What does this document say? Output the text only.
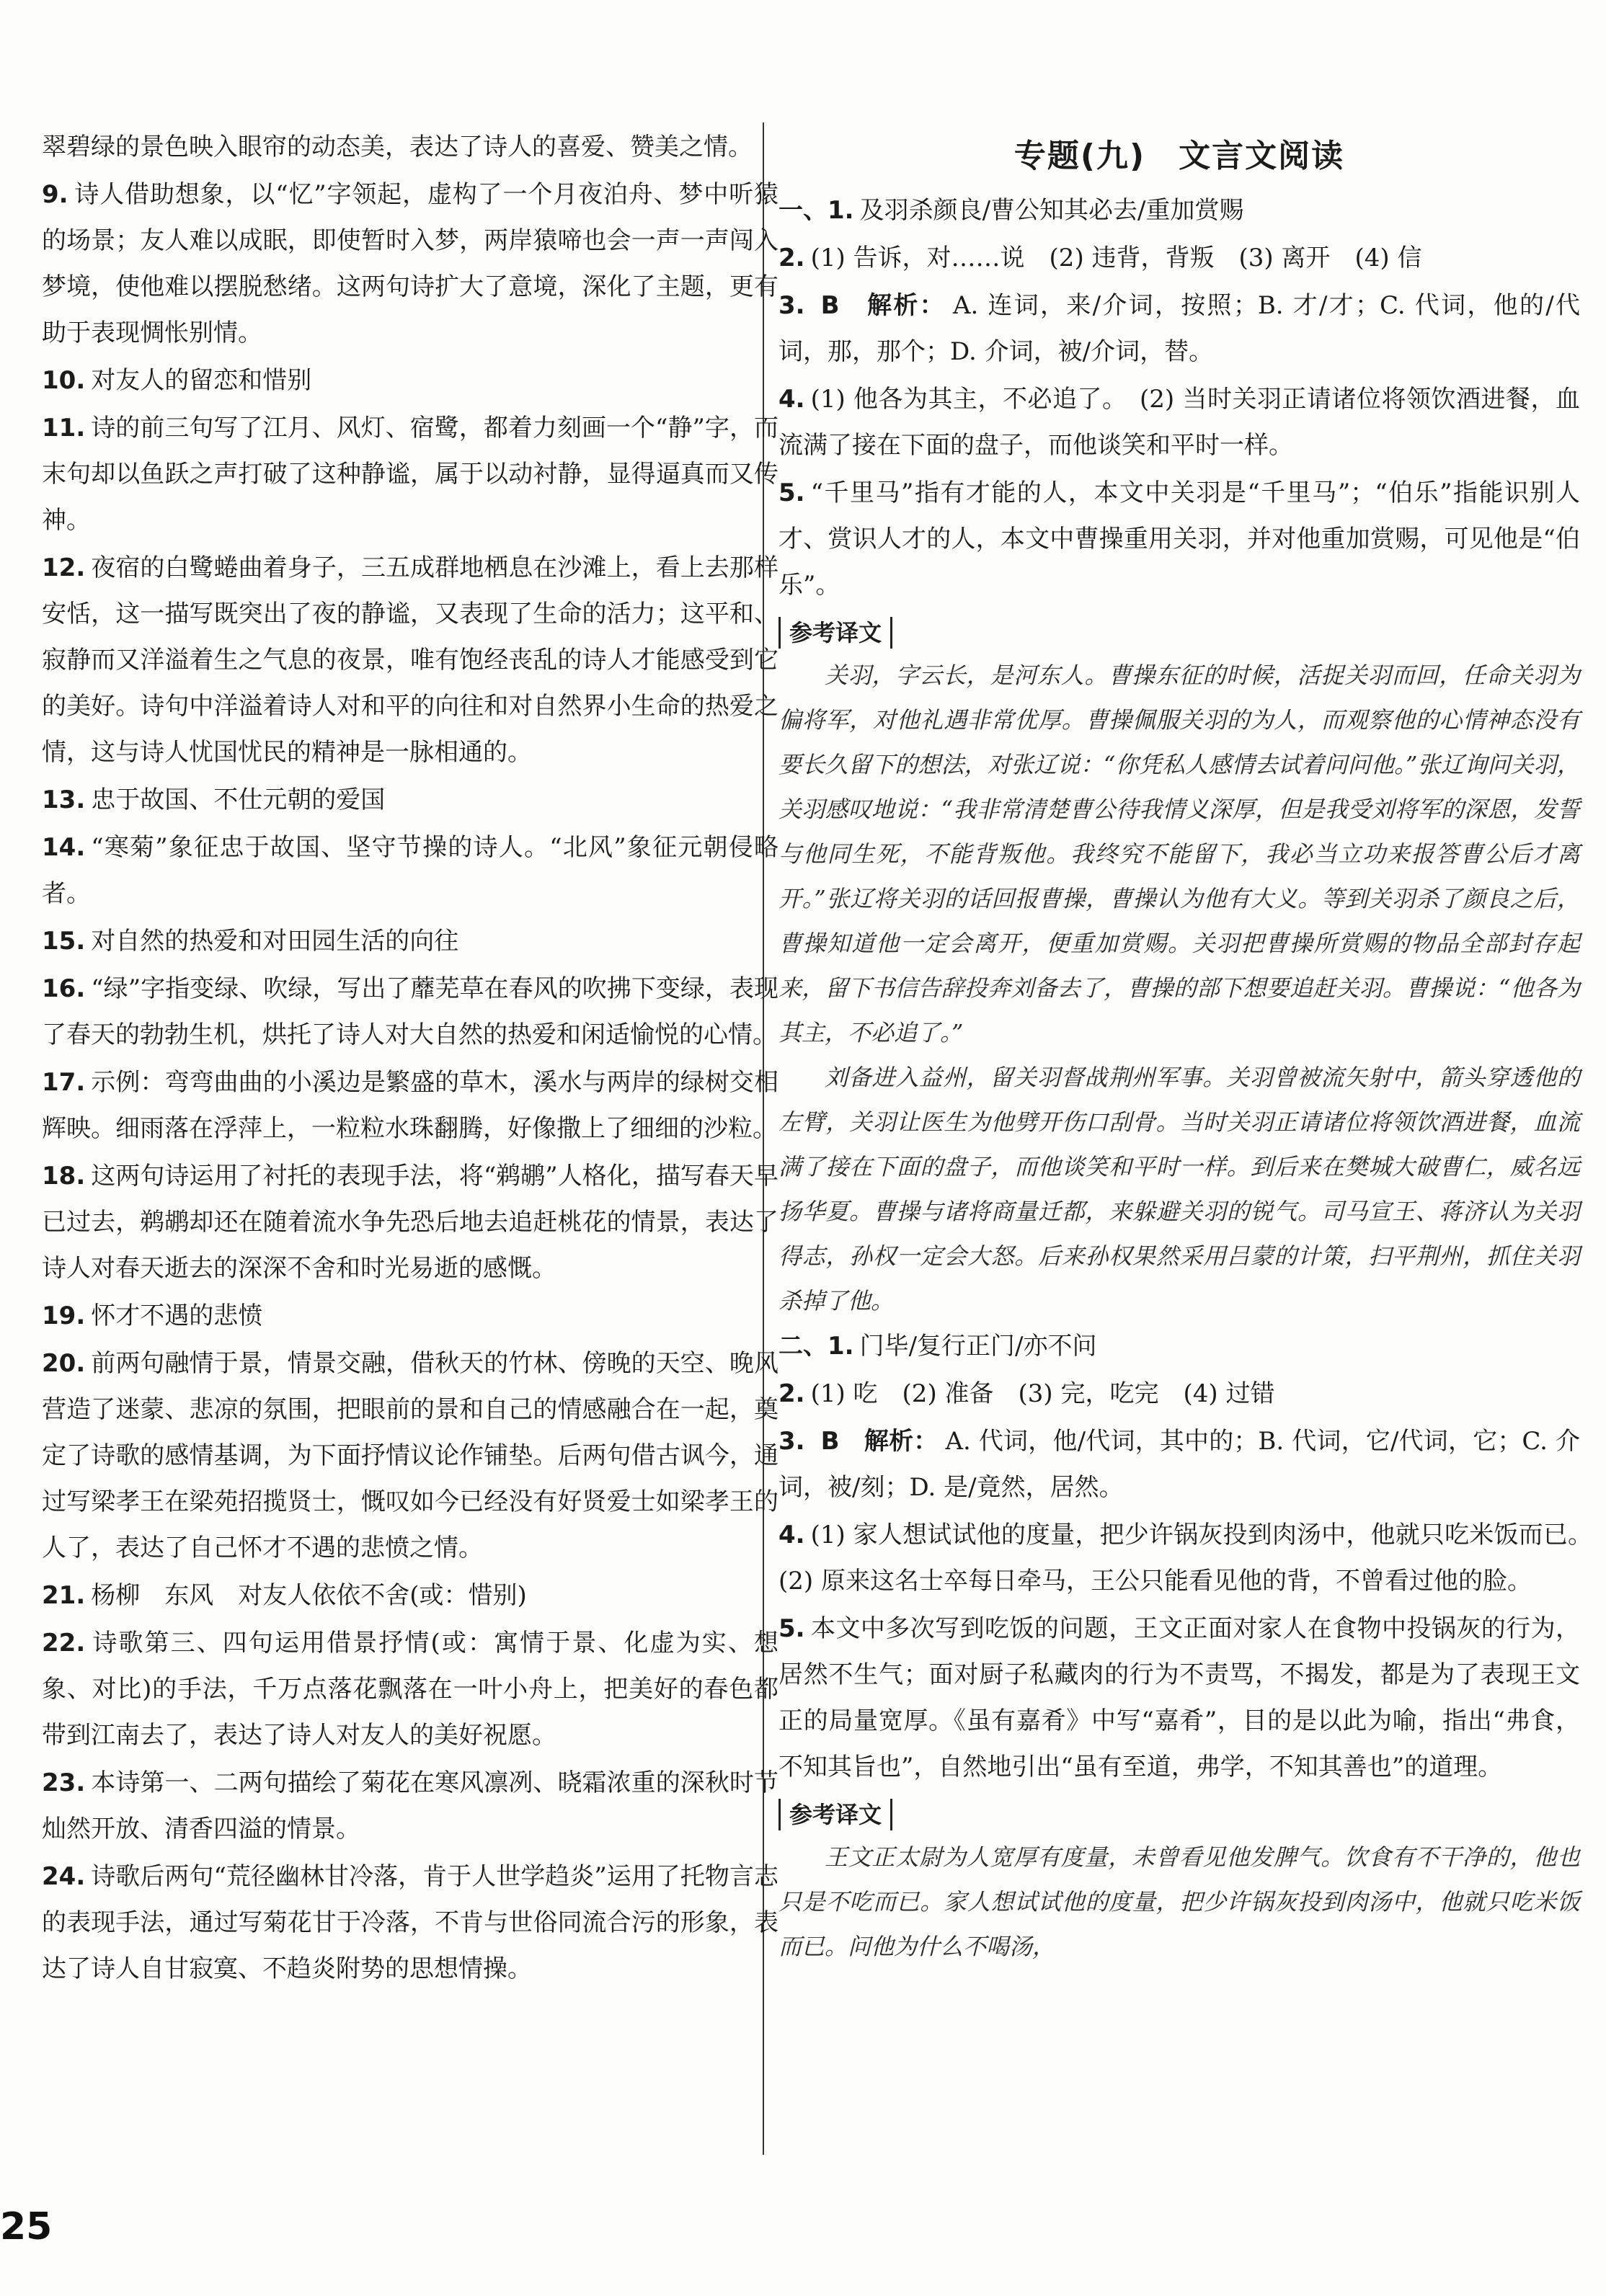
翠碧绿的景色映入眼帘的动态美，表达了诗人的喜爱、赞美之情。
9. 诗人借助想象，以“忆”字领起，虚构了一个月夜泊舟、梦中听猿的场景；友人难以成眠，即使暂时入梦，两岸猿啼也会一声一声闯入梦境，使他难以摆脱愁绪。这两句诗扩大了意境，深化了主题，更有助于表现惆怅别情。
10. 对友人的留恋和惜别
11. 诗的前三句写了江月、风灯、宿鹭，都着力刻画一个“静”字，而末句却以鱼跃之声打破了这种静谧，属于以动衬静，显得逼真而又传神。
12. 夜宿的白鹭蜷曲着身子，三五成群地栖息在沙滩上，看上去那样安恬，这一描写既突出了夜的静谧，又表现了生命的活力；这平和、寂静而又洋溢着生之气息的夜景，唯有饱经丧乱的诗人才能感受到它的美好。诗句中洋溢着诗人对和平的向往和对自然界小生命的热爱之情，这与诗人忧国忧民的精神是一脉相通的。
13. 忠于故国、不仕元朝的爱国
14. “寒菊”象征忠于故国、坚守节操的诗人。“北风”象征元朝侵略者。
15. 对自然的热爱和对田园生活的向往
16. “绿”字指变绿、吹绿，写出了蘼芜草在春风的吹拂下变绿，表现了春天的勃勃生机，烘托了诗人对大自然的热爱和闲适愉悦的心情。
17. 示例：弯弯曲曲的小溪边是繁盛的草木，溪水与两岸的绿树交相辉映。细雨落在浮萍上，一粒粒水珠翻腾，好像撒上了细细的沙粒。
18. 这两句诗运用了衬托的表现手法，将“鹈鹕”人格化，描写春天早已过去，鹈鹕却还在随着流水争先恐后地去追赶桃花的情景，表达了诗人对春天逝去的深深不舍和时光易逝的感慨。
19. 怀才不遇的悲愤
20. 前两句融情于景，情景交融，借秋天的竹林、傍晚的天空、晚风营造了迷蒙、悲凉的氛围，把眼前的景和自己的情感融合在一起，奠定了诗歌的感情基调，为下面抒情议论作铺垫。后两句借古讽今，通过写梁孝王在梁苑招揽贤士，慨叹如今已经没有好贤爱士如梁孝王的人了，表达了自己怀才不遇的悲愤之情。
21. 杨柳　东风　对友人依依不舍(或：惜别)
22. 诗歌第三、四句运用借景抒情(或：寓情于景、化虚为实、想象、对比)的手法，千万点落花飘落在一叶小舟上，把美好的春色都带到江南去了，表达了诗人对友人的美好祝愿。
23. 本诗第一、二两句描绘了菊花在寒风凛冽、晓霜浓重的深秋时节灿然开放、清香四溢的情景。
24. 诗歌后两句“荒径幽林甘冷落，肯于人世学趋炎”运用了托物言志的表现手法，通过写菊花甘于冷落，不肯与世俗同流合污的形象，表达了诗人自甘寂寞、不趋炎附势的思想情操。
专题(九)　文言文阅读
一、1. 及羽杀颜良/曹公知其必去/重加赏赐
2. (1) 告诉，对……说　(2) 违背，背叛　(3) 离开　(4) 信
3. B　解析： A. 连词，来/介词，按照；B. 才/才；C. 代词，他的/代词，那，那个；D. 介词，被/介词，替。
4. (1) 他各为其主，不必追了。　(2) 当时关羽正请诸位将领饮酒进餐，血流满了接在下面的盘子，而他谈笑和平时一样。
5. “千里马”指有才能的人，本文中关羽是“千里马”；“伯乐”指能识别人才、赏识人才的人，本文中曹操重用关羽，并对他重加赏赐，可见他是“伯乐”。
参考译文

关羽，字云长，是河东人。曹操东征的时候，活捉关羽而回，任命关羽为偏将军，对他礼遇非常优厚。曹操佩服关羽的为人，而观察他的心情神态没有要长久留下的想法，对张辽说：“你凭私人感情去试着问问他。”张辽询问关羽，关羽感叹地说：“我非常清楚曹公待我情义深厚，但是我受刘将军的深恩，发誓与他同生死，不能背叛他。我终究不能留下，我必当立功来报答曹公后才离开。”张辽将关羽的话回报曹操，曹操认为他有大义。等到关羽杀了颜良之后，曹操知道他一定会离开，便重加赏赐。关羽把曹操所赏赐的物品全部封存起来，留下书信告辞投奔刘备去了，曹操的部下想要追赶关羽。曹操说：“他各为其主，不必追了。”

刘备进入益州，留关羽督战荆州军事。关羽曾被流矢射中，箭头穿透他的左臂，关羽让医生为他劈开伤口刮骨。当时关羽正请诸位将领饮酒进餐，血流满了接在下面的盘子，而他谈笑和平时一样。到后来在樊城大破曹仁，威名远扬华夏。曹操与诸将商量迁都，来躲避关羽的锐气。司马宣王、蒋济认为关羽得志，孙权一定会大怒。后来孙权果然采用吕蒙的计策，扫平荆州，抓住关羽杀掉了他。

二、1. 门毕/复行正门/亦不问
2. (1) 吃　(2) 准备　(3) 完，吃完　(4) 过错
3. B　解析： A. 代词，他/代词，其中的；B. 代词，它/代词，它；C. 介词，被/刻；D. 是/竟然，居然。
4. (1) 家人想试试他的度量，把少许锅灰投到肉汤中，他就只吃米饭而已。　(2) 原来这名士卒每日牵马，王公只能看见他的背，不曾看过他的脸。
5. 本文中多次写到吃饭的问题，王文正面对家人在食物中投锅灰的行为，居然不生气；面对厨子私藏肉的行为不责骂，不揭发，都是为了表现王文正的局量宽厚。《虽有嘉肴》中写“嘉肴”，目的是以此为喻，指出“弗食，不知其旨也”，自然地引出“虽有至道，弗学，不知其善也”的道理。
参考译文

王文正太尉为人宽厚有度量，未曾看见他发脾气。饮食有不干净的，他也只是不吃而已。家人想试试他的度量，把少许锅灰投到肉汤中，他就只吃米饭而已。问他为什么不喝汤，

25
